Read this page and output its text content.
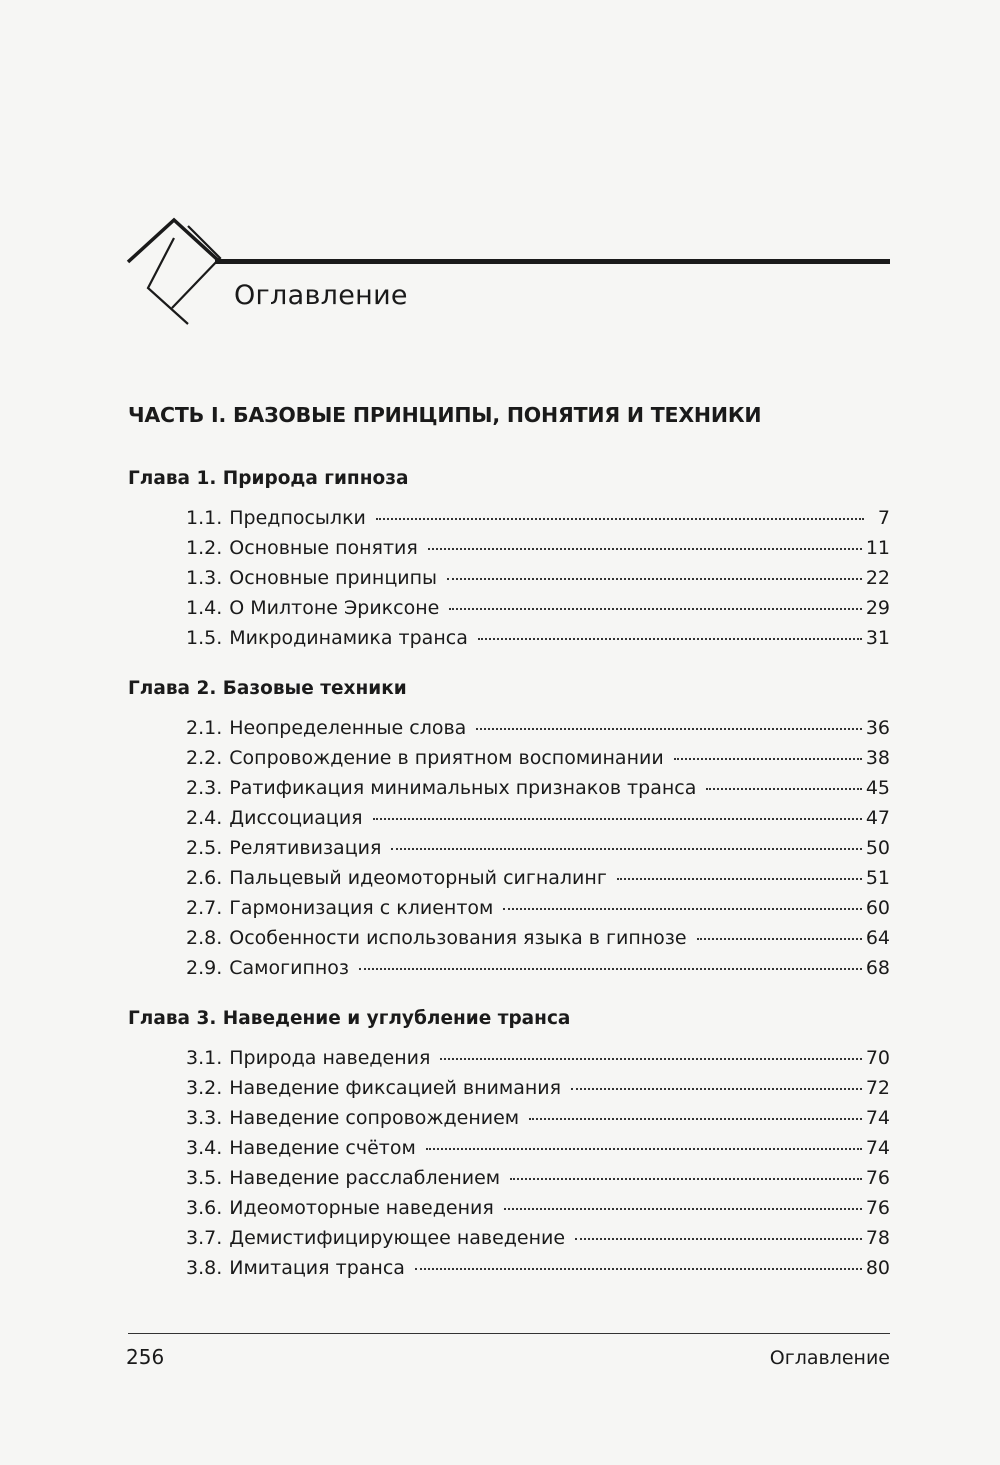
Оглавление
ЧАСТЬ I. БАЗОВЫЕ ПРИНЦИПЫ, ПОНЯТИЯ И ТЕХНИКИ
Глава 1. Природа гипноза
1.1. Предпосылки	7
1.2. Основные понятия	11
1.3. Основные принципы	22
1.4. О Милтоне Эриксоне	29
1.5. Микродинамика транса	31
Глава 2. Базовые техники
2.1. Неопределенные слова	36
2.2. Сопровождение в приятном воспоминании	38
2.3. Ратификация минимальных признаков транса	45
2.4. Диссоциация	47
2.5. Релятивизация	50
2.6. Пальцевый идеомоторный сигналинг	51
2.7. Гармонизация с клиентом	60
2.8. Особенности использования языка в гипнозе	64
2.9. Самогипноз	68
Глава 3. Наведение и углубление транса
3.1. Природа наведения	70
3.2. Наведение фиксацией внимания	72
3.3. Наведение сопровождением	74
3.4. Наведение счётом	74
3.5. Наведение расслаблением	76
3.6. Идеомоторные наведения	76
3.7. Демистифицирующее наведение	78
3.8. Имитация транса	80
256	Оглавление
